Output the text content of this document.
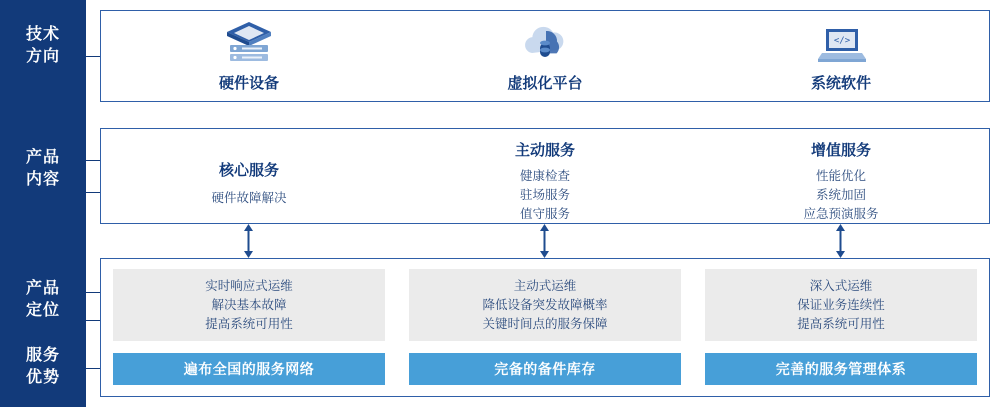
技术
方向
产品
内容
产品
定位
服务
优势
硬件设备	虚拟化平台
</>
系统软件
核心服务
硬件故障解决
主动服务
健康检查
驻场服务
值守服务
增值服务
性能优化
系统加固
应急预演服务
实时响应式运维
解决基本故障
提高系统可用性
遍布全国的服务网络
主动式运维
降低设备突发故障概率
关键时间点的服务保障
完备的备件库存
深入式运维
保证业务连续性
提高系统可用性
完善的服务管理体系
